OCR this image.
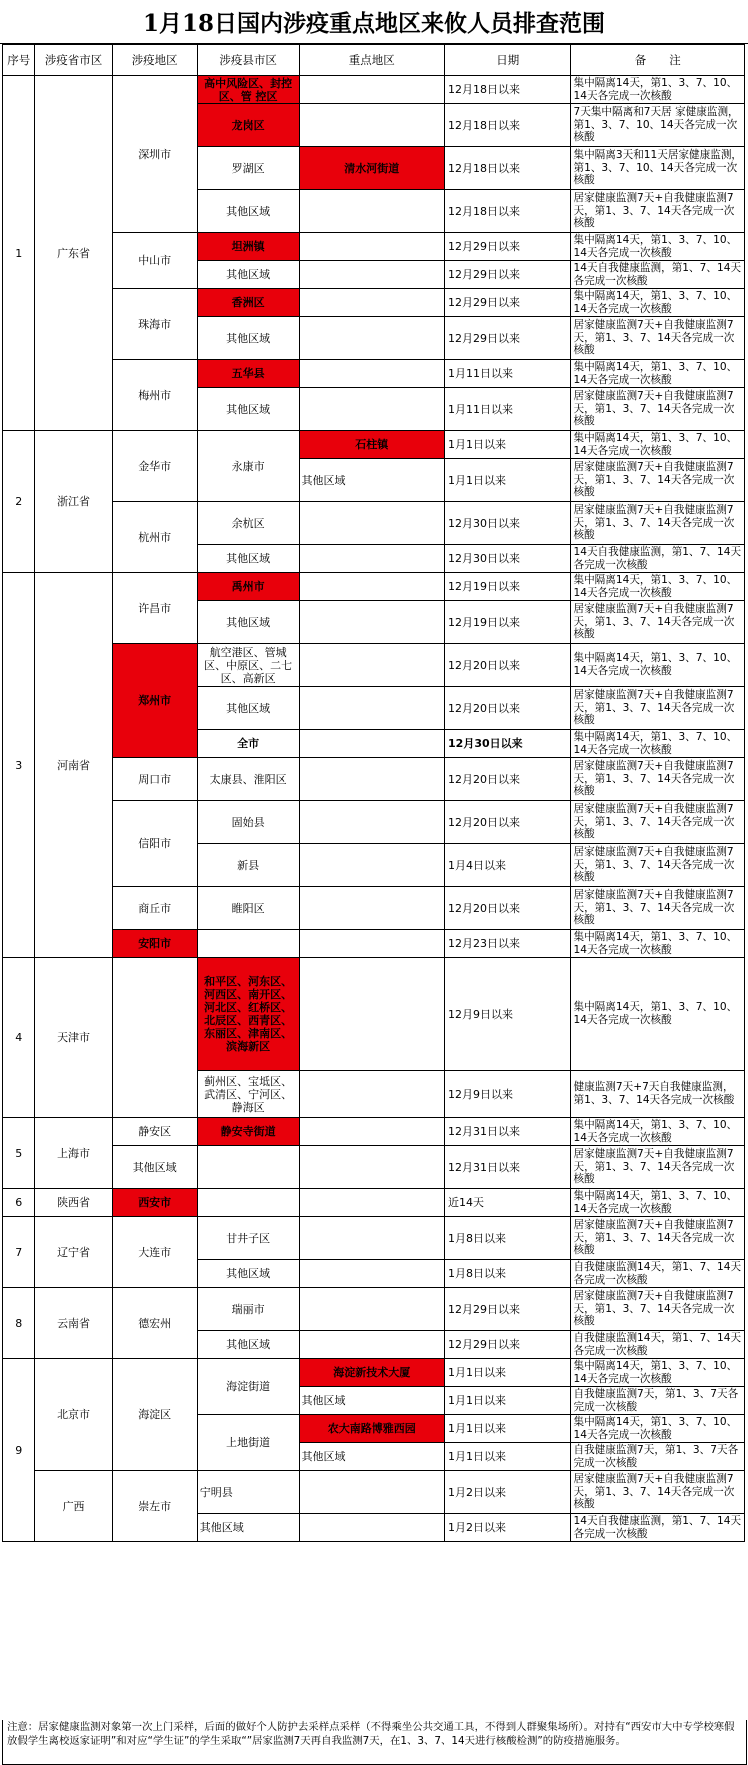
1月18日国内涉疫重点地区来攸人员排查范围
序号	涉疫省市区	涉疫地区	涉疫县市区	重点地区	日期	备　　注
1	广东省	深圳市	高中风险区、封控区、管 控区		12月18日以来	集中隔离14天，第1、3、7、10、14天各完成一次核酸
			龙岗区		12月18日以来	7天集中隔离和7天居 家健康监测，第1、3、7、10、14天各完成一次核酸
			罗湖区	清水河街道	12月18日以来	集中隔离3天和11天居家健康监测，第1、3、7、10、14天各完成一次核酸
			其他区域		12月18日以来	居家健康监测7天+自我健康监测7天，第1、3、7、14天各完成一次核酸
		中山市	坦洲镇		12月29日以来	集中隔离14天，第1、3、7、10、14天各完成一次核酸
			其他区域		12月29日以来	14天自我健康监测，第1、7、14天各完成一次核酸
		珠海市	香洲区		12月29日以来	集中隔离14天，第1、3、7、10、14天各完成一次核酸
			其他区域		12月29日以来	居家健康监测7天+自我健康监测7天，第1、3、7、14天各完成一次核酸
		梅州市	五华县		1月11日以来	集中隔离14天，第1、3、7、10、14天各完成一次核酸
			其他区域		1月11日以来	居家健康监测7天+自我健康监测7天，第1、3、7、14天各完成一次核酸
2	浙江省	金华市	永康市	石柱镇	1月1日以来	集中隔离14天，第1、3、7、10、14天各完成一次核酸
				其他区域	1月1日以来	居家健康监测7天+自我健康监测7天，第1、3、7、14天各完成一次核酸
		杭州市	余杭区		12月30日以来	居家健康监测7天+自我健康监测7天，第1、3、7、14天各完成一次核酸
			其他区域		12月30日以来	14天自我健康监测，第1、7、14天各完成一次核酸
3	河南省	许昌市	禹州市		12月19日以来	集中隔离14天，第1、3、7、10、14天各完成一次核酸
			其他区域		12月19日以来	居家健康监测7天+自我健康监测7天，第1、3、7、14天各完成一次核酸
		郑州市	航空港区、管城区、中原区、二七区、高新区		12月20日以来	集中隔离14天，第1、3、7、10、14天各完成一次核酸
			其他区域		12月20日以来	居家健康监测7天+自我健康监测7天，第1、3、7、14天各完成一次核酸
			全市		12月30日以来	集中隔离14天，第1、3、7、10、14天各完成一次核酸
		周口市	太康县、淮阳区		12月20日以来	居家健康监测7天+自我健康监测7天，第1、3、7、14天各完成一次核酸
		信阳市	固始县		12月20日以来	居家健康监测7天+自我健康监测7天，第1、3、7、14天各完成一次核酸
			新县		1月4日以来	居家健康监测7天+自我健康监测7天，第1、3、7、14天各完成一次核酸
		商丘市	睢阳区		12月20日以来	居家健康监测7天+自我健康监测7天，第1、3、7、14天各完成一次核酸
		安阳市			12月23日以来	集中隔离14天，第1、3、7、10、14天各完成一次核酸
4	天津市		和平区、河东区、河西区、南开区、河北区、红桥区、北辰区、西青区、东丽区、津南区、滨海新区		12月9日以来	集中隔离14天，第1、3、7、10、14天各完成一次核酸
			蓟州区、宝坻区、武清区、宁河区、静海区		12月9日以来	健康监测7天+7天自我健康监测，第1、3、7、14天各完成一次核酸
5	上海市	静安区	静安寺街道		12月31日以来	集中隔离14天，第1、3、7、10、14天各完成一次核酸
		其他区域			12月31日以来	居家健康监测7天+自我健康监测7天，第1、3、7、14天各完成一次核酸
6	陕西省	西安市			近14天	集中隔离14天，第1、3、7、10、14天各完成一次核酸
7	辽宁省	大连市	甘井子区		1月8日以来	居家健康监测7天+自我健康监测7天，第1、3、7、14天各完成一次核酸
			其他区域		1月8日以来	自我健康监测14天，第1、7、14天各完成一次核酸
8	云南省	德宏州	瑞丽市		12月29日以来	居家健康监测7天+自我健康监测7天，第1、3、7、14天各完成一次核酸
			其他区域		12月29日以来	自我健康监测14天，第1、7、14天各完成一次核酸
9	北京市	海淀区	海淀街道	海淀新技术大厦	1月1日以来	集中隔离14天，第1、3、7、10、14天各完成一次核酸
				其他区域	1月1日以来	自我健康监测7天，第1、3、7天各完成一次核酸
			上地街道	农大南路博雅西园	1月1日以来	集中隔离14天，第1、3、7、10、14天各完成一次核酸
				其他区域	1月1日以来	自我健康监测7天，第1、3、7天各完成一次核酸
	广西	崇左市	宁明县		1月2日以来	居家健康监测7天+自我健康监测7天，第1、3、7、14天各完成一次核酸
			其他区域		1月2日以来	14天自我健康监测，第1、7、14天各完成一次核酸
注意：居家健康监测对象第一次上门采样，后面的做好个人防护去采样点采样（不得乘坐公共交通工具，不得到人群聚集场所）。对持有“西安市大中专学校寒假放假学生离校返家证明”和对应“学生证”的学生采取“”居家监测7天再自我监测7天，在1、3、7、14天进行核酸检测”的防疫措施服务。
